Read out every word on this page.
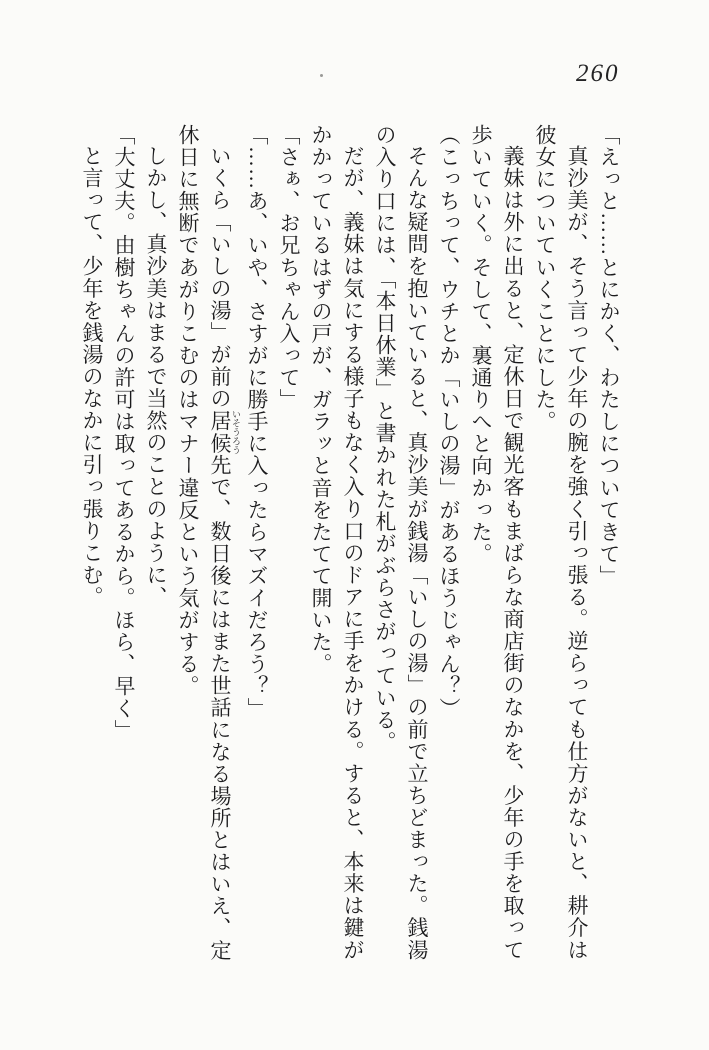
260

「えっと……とにかく、わたしについてきて」

真沙美が、そう言って少年の腕を強く引っ張る。逆らっても仕方がないと、耕介は

彼女についていくことにした。

義妹は外に出ると、定休日で観光客もまばらな商店街のなかを、少年の手を取って

歩いていく。そして、裏通りへと向かった。

（こっちって、ウチとか「いしの湯」があるほうじゃん？）

そんな疑問を抱いていると、真沙美が銭湯「いしの湯」の前で立ちどまった。銭湯

の入り口には、「本日休業」と書かれた札がぶらさがっている。

だが、義妹は気にする様子もなく入り口のドアに手をかける。すると、本来は鍵が

かかっているはずの戸が、ガラッと音をたてて開いた。

「さぁ、お兄ちゃん入って」

「……あ、いや、さすがに勝手に入ったらマズイだろう？」

いくら「いしの湯」が前の居候 いそうろう先で、数日後にはまた世話になる場所とはいえ、定

休日に無断であがりこむのはマナー違反という気がする。

しかし、真沙美はまるで当然のことのように、

「大丈夫。由樹ちゃんの許可は取ってあるから。ほら、早く」

と言って、少年を銭湯のなかに引っ張りこむ。
